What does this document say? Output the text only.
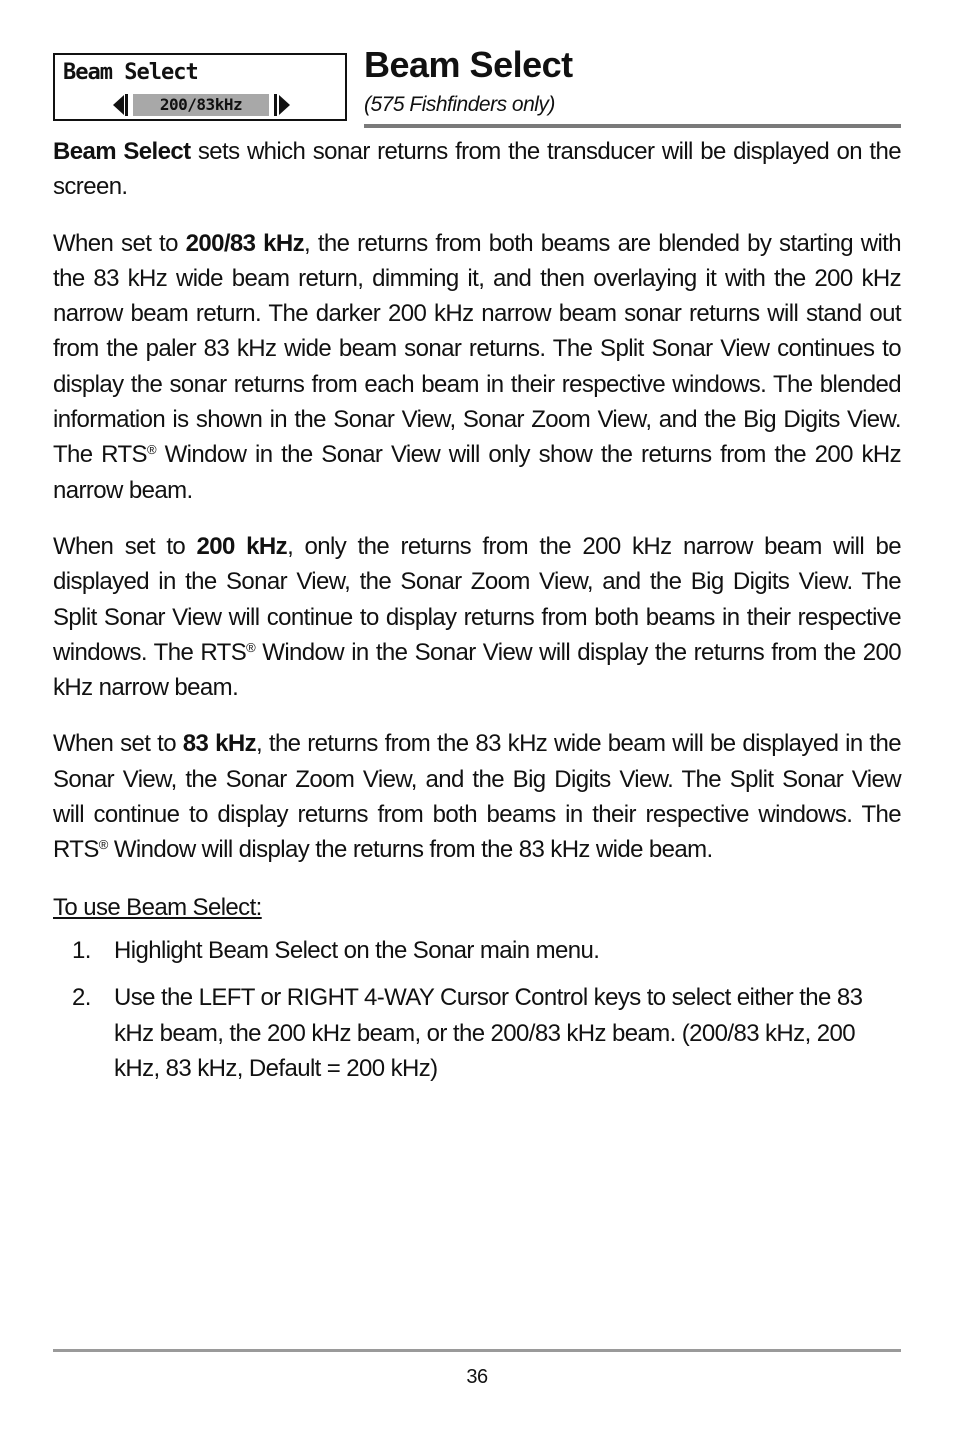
Beam Select
200/83kHz
Beam Select
(575 Fishfinders only)

Beam Select sets which sonar returns from the transducer will be displayed on the screen.

When set to 200/83 kHz, the returns from both beams are blended by starting with the 83 kHz wide beam return, dimming it, and then overlaying it with the 200 kHz narrow beam return. The darker 200 kHz narrow beam sonar returns will stand out from the paler 83 kHz wide beam sonar returns. The Split Sonar View continues to display the sonar returns from each beam in their respective windows. The blended information is shown in the Sonar View, Sonar Zoom View, and the Big Digits View. The RTS® Window in the Sonar View will only show the returns from the 200 kHz narrow beam.

When set to 200 kHz, only the returns from the 200 kHz narrow beam will be displayed in the Sonar View, the Sonar Zoom View, and the Big Digits View. The Split Sonar View will continue to display returns from both beams in their respective windows. The RTS® Window in the Sonar View will display the returns from the 200 kHz narrow beam.

When set to 83 kHz, the returns from the 83 kHz wide beam will be displayed in the Sonar View, the Sonar Zoom View, and the Big Digits View. The Split Sonar View will continue to display returns from both beams in their respective windows. The RTS® Window will display the returns from the 83 kHz wide beam.

To use Beam Select:
1. Highlight Beam Select on the Sonar main menu.
2. Use the LEFT or RIGHT 4-WAY Cursor Control keys to select either the 83 kHz beam, the 200 kHz beam, or the 200/83 kHz beam. (200/83 kHz, 200 kHz, 83 kHz, Default = 200 kHz)
36
